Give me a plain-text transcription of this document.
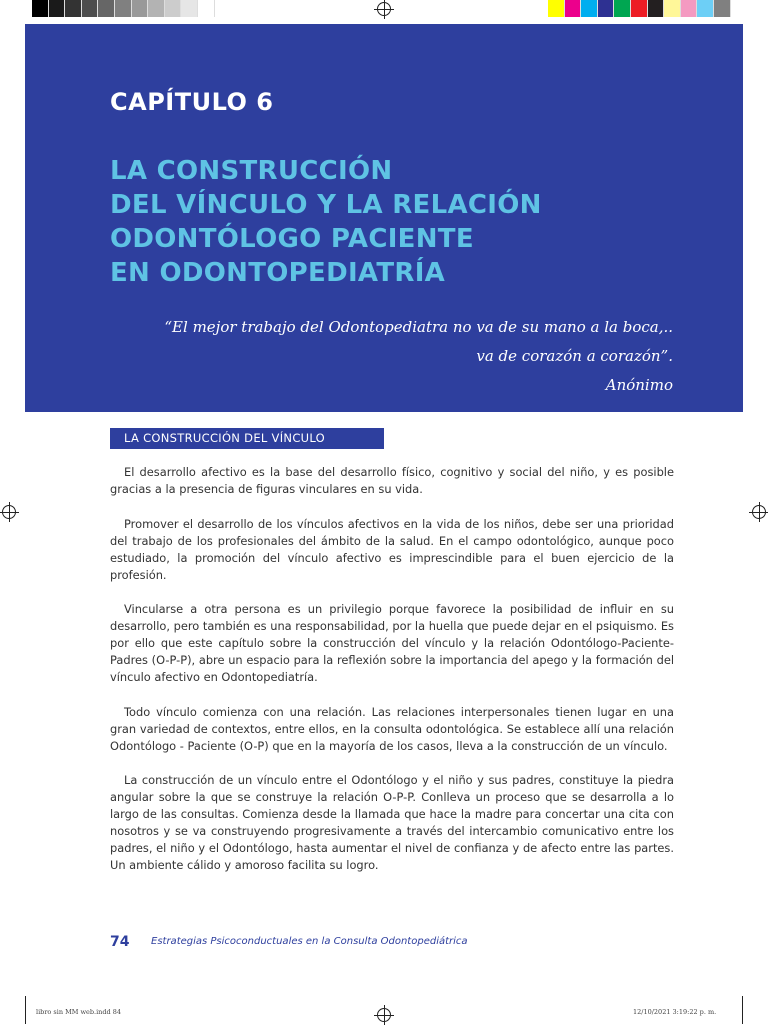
CAPÍTULO 6
LA CONSTRUCCIÓN
DEL VÍNCULO Y LA RELACIÓN
ODONTÓLOGO PACIENTE
EN ODONTOPEDIATRÍA
“El mejor trabajo del Odontopediatra no va de su mano a la boca,..
va de corazón a corazón”.
Anónimo
LA CONSTRUCCIÓN DEL VÍNCULO

El desarrollo afectivo es la base del desarrollo físico, cognitivo y social del niño, y es posible gracias a la presencia de figuras vinculares en su vida.

Promover el desarrollo de los vínculos afectivos en la vida de los niños, debe ser una prioridad del trabajo de los profesionales del ámbito de la salud. En el campo odontológico, aunque poco estudiado, la promoción del vínculo afectivo es imprescindible para el buen ejercicio de la profesión.

Vincularse a otra persona es un privilegio porque favorece la posibilidad de influir en su desarrollo, pero también es una responsabilidad, por la huella que puede dejar en el psiquismo. Es por ello que este capítulo sobre la construcción del vínculo y la relación Odontólogo-Paciente-Padres (O-P-P), abre un espacio para la reflexión sobre la importancia del apego y la formación del vínculo afectivo en Odontopediatría.

Todo vínculo comienza con una relación. Las relaciones interpersonales tienen lugar en una gran variedad de contextos, entre ellos, en la consulta odontológica. Se establece allí una relación Odontólogo - Paciente (O-P) que en la mayoría de los casos, lleva a la construcción de un vínculo.

La construcción de un vínculo entre el Odontólogo y el niño y sus padres, constituye la piedra angular sobre la que se construye la relación O-P-P. Conlleva un proceso que se desarrolla a lo largo de las consultas. Comienza desde la llamada que hace la madre para concertar una cita con nosotros y se va construyendo progresivamente a través del intercambio comunicativo entre los padres, el niño y el Odontólogo, hasta aumentar el nivel de confianza y de afecto entre las partes. Un ambiente cálido y amoroso facilita su logro.

74 Estrategias Psicoconductuales en la Consulta Odontopediátrica
libro sin MM web.indd 84	12/10/2021 3:19:22 p. m.
